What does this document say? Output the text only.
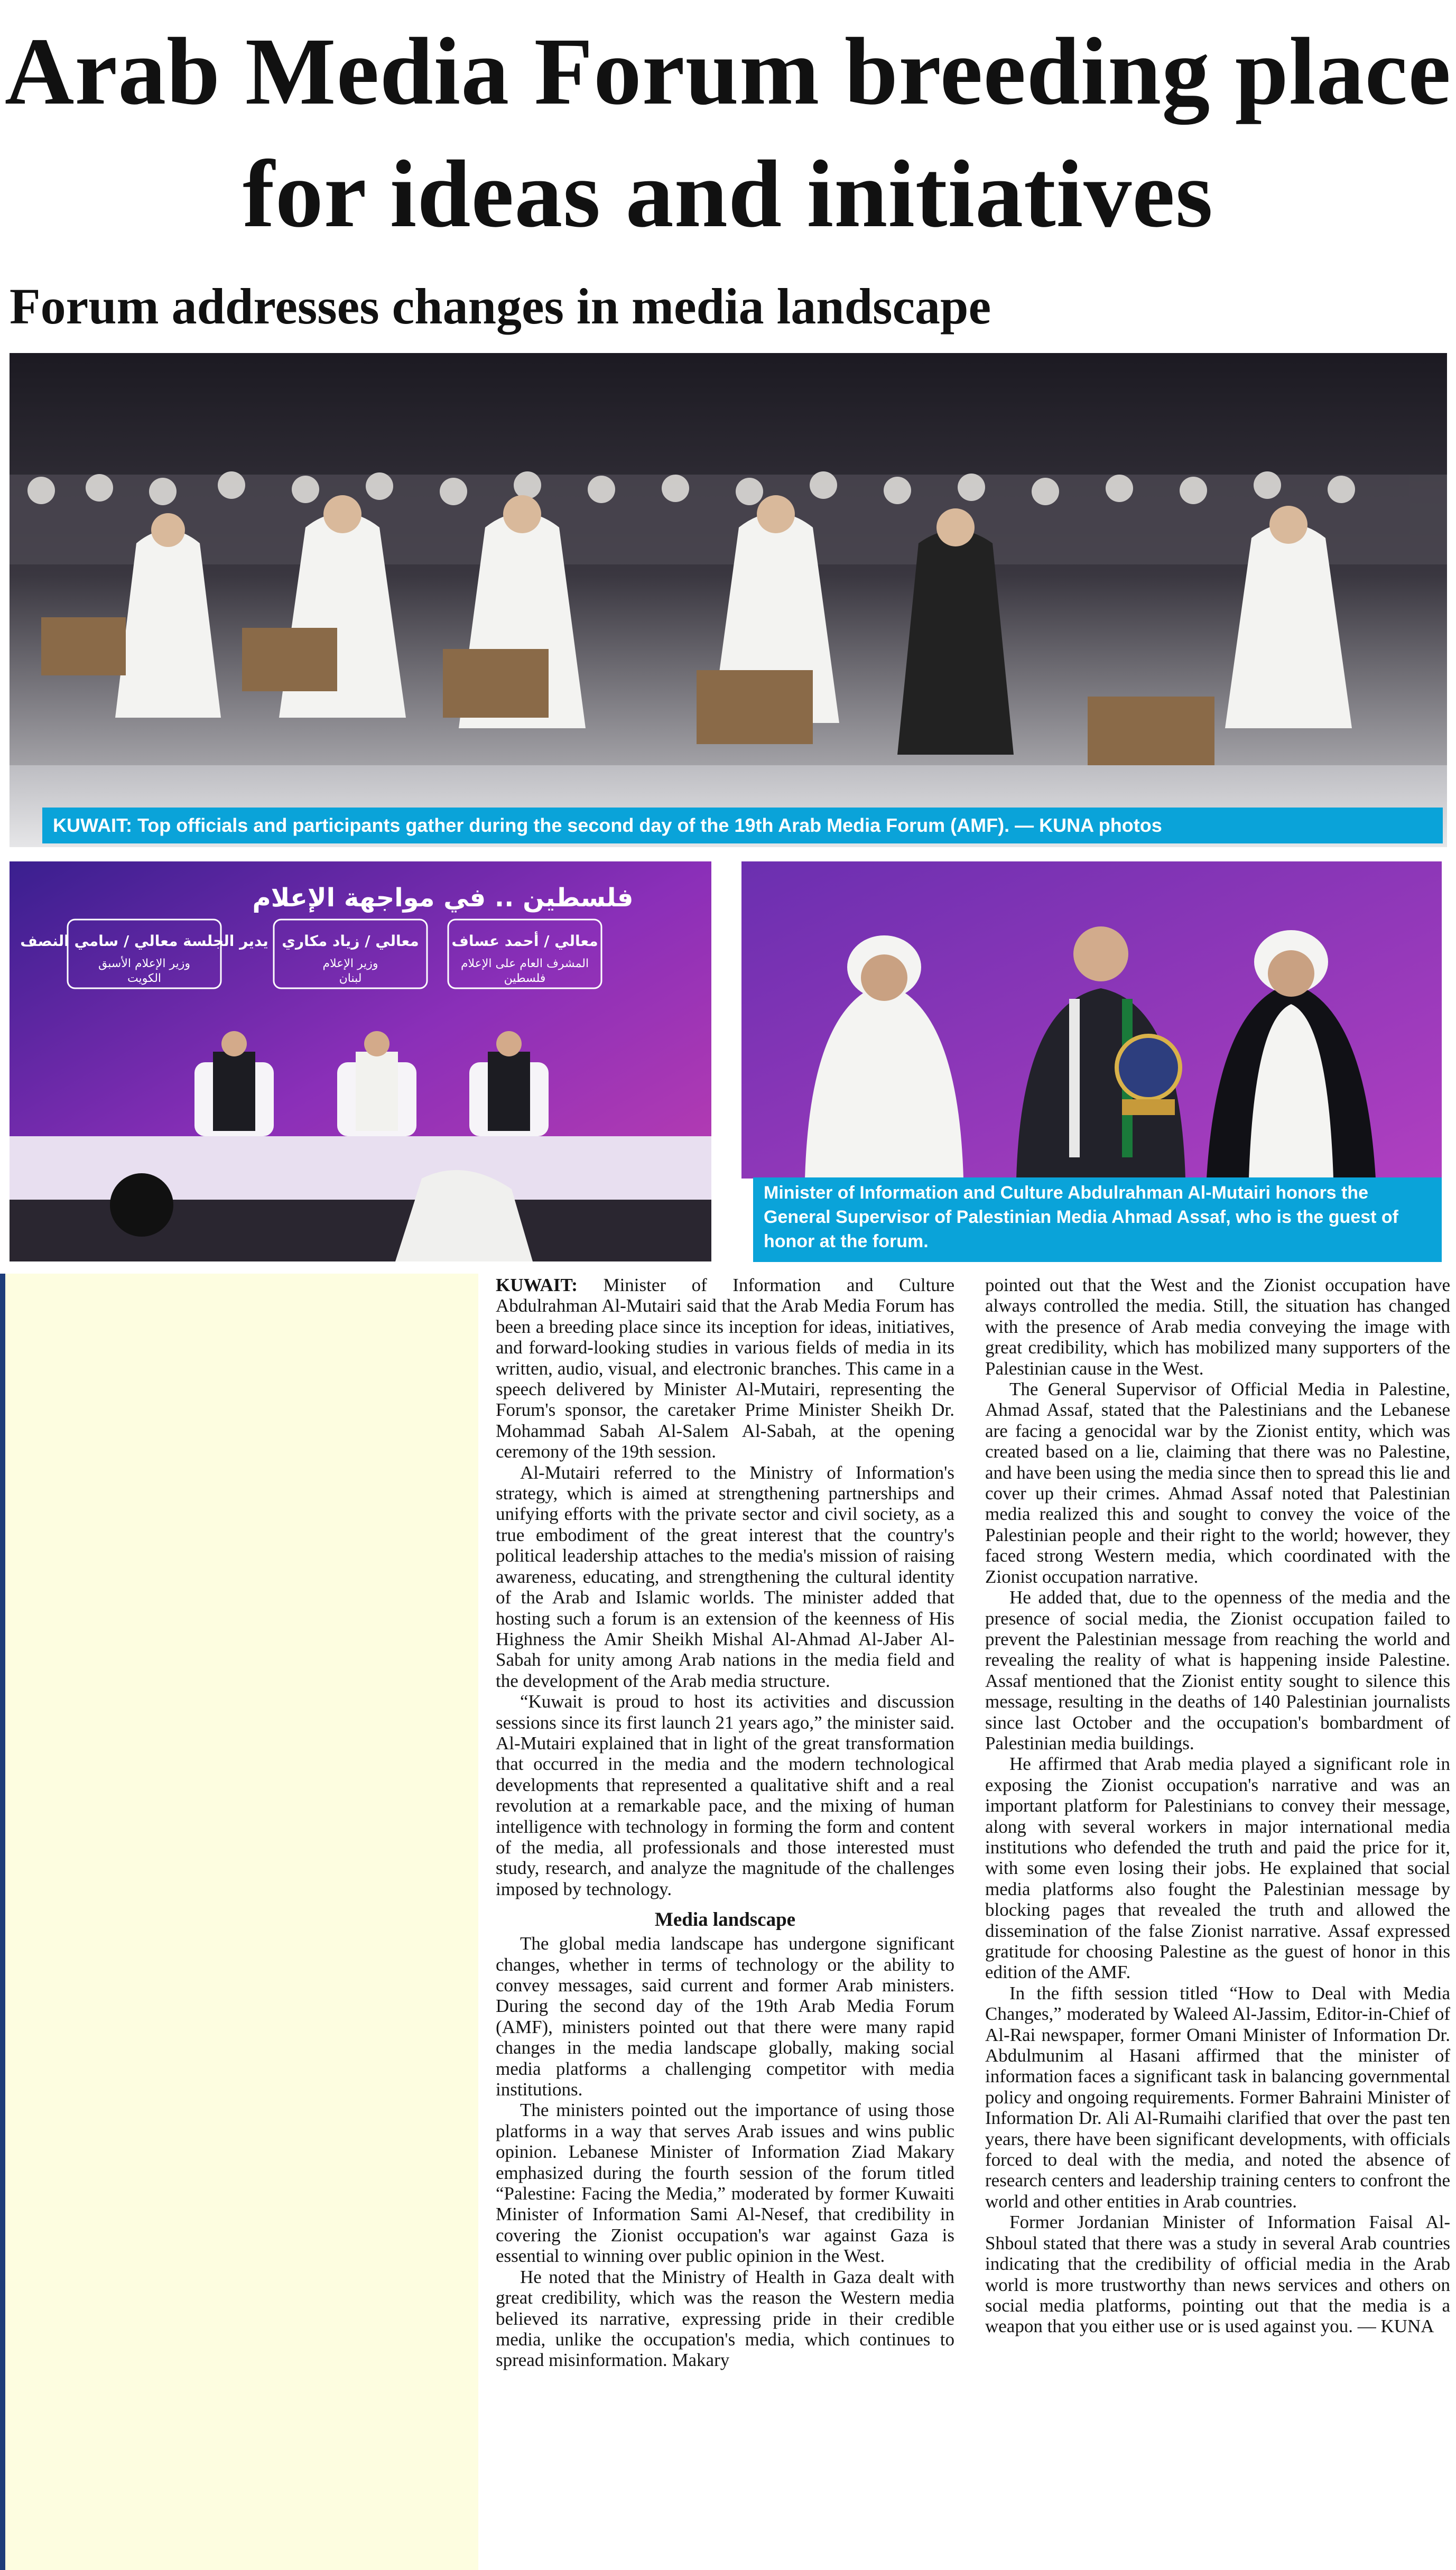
Arab Media Forum breeding place for ideas and initiatives
Forum addresses changes in media landscape
KUWAIT: Top officials and participants gather during the second day of the 19th Arab Media Forum (AMF). — KUNA photos
فلسطين .. في مواجهة الإعلام
يدير الجلسة معالي / سامي النصف
وزير الإعلام الأسبق
الكويت
معالي / زياد مكاري
وزير الإعلام
لبنان
معالي / أحمد عساف
المشرف العام على الإعلام
فلسطين
Minister of Information and Culture Abdulrahman Al-Mutairi honors the General Supervisor of Palestinian Media Ahmad Assaf, who is the guest of honor at the forum.

KUWAIT: Minister of Information and Culture Abdulrahman Al-Mutairi said that the Arab Media Forum has been a breeding place since its inception for ideas, initiatives, and forward-looking studies in various fields of media in its written, audio, visual, and electronic branches. This came in a speech delivered by Minister Al-Mutairi, representing the Forum's sponsor, the caretaker Prime Minister Sheikh Dr. Mohammad Sabah Al-Salem Al-Sabah, at the opening ceremony of the 19th session.

Al-Mutairi referred to the Ministry of Information's strategy, which is aimed at strengthening partnerships and unifying efforts with the private sector and civil society, as a true embodiment of the great interest that the country's political leadership attaches to the media's mission of raising awareness, educating, and strengthening the cultural identity of the Arab and Islamic worlds. The minister added that hosting such a forum is an extension of the keenness of His Highness the Amir Sheikh Mishal Al-Ahmad Al-Jaber Al-Sabah for unity among Arab nations in the media field and the development of the Arab media structure.

“Kuwait is proud to host its activities and discussion sessions since its first launch 21 years ago,” the minister said. Al-Mutairi explained that in light of the great transformation that occurred in the media and the modern technological developments that represented a qualitative shift and a real revolution at a remarkable pace, and the mixing of human intelligence with technology in forming the form and content of the media, all professionals and those interested must study, research, and analyze the magnitude of the challenges imposed by technology.

Media landscape

The global media landscape has undergone significant changes, whether in terms of technology or the ability to convey messages, said current and former Arab ministers. During the second day of the 19th Arab Media Forum (AMF), ministers pointed out that there were many rapid changes in the media landscape globally, making social media platforms a challenging competitor with media institutions.

The ministers pointed out the importance of using those platforms in a way that serves Arab issues and wins public opinion. Lebanese Minister of Information Ziad Makary emphasized during the fourth session of the forum titled “Palestine: Facing the Media,” moderated by former Kuwaiti Minister of Information Sami Al-Nesef, that credibility in covering the Zionist occupation's war against Gaza is essential to winning over public opinion in the West.

He noted that the Ministry of Health in Gaza dealt with great credibility, which was the reason the Western media believed its narrative, expressing pride in their credible media, unlike the occupation's media, which continues to spread misinformation. Makary

pointed out that the West and the Zionist occupation have always controlled the media. Still, the situation has changed with the presence of Arab media conveying the image with great credibility, which has mobilized many supporters of the Palestinian cause in the West.

The General Supervisor of Official Media in Palestine, Ahmad Assaf, stated that the Palestinians and the Lebanese are facing a genocidal war by the Zionist entity, which was created based on a lie, claiming that there was no Palestine, and have been using the media since then to spread this lie and cover up their crimes. Ahmad Assaf noted that Palestinian media realized this and sought to convey the voice of the Palestinian people and their right to the world; however, they faced strong Western media, which coordinated with the Zionist occupation narrative.

He added that, due to the openness of the media and the presence of social media, the Zionist occupation failed to prevent the Palestinian message from reaching the world and revealing the reality of what is happening inside Palestine. Assaf mentioned that the Zionist entity sought to silence this message, resulting in the deaths of 140 Palestinian journalists since last October and the occupation's bombardment of Palestinian media buildings.

He affirmed that Arab media played a significant role in exposing the Zionist occupation's narrative and was an important platform for Palestinians to convey their message, along with several workers in major international media institutions who defended the truth and paid the price for it, with some even losing their jobs. He explained that social media platforms also fought the Palestinian message by blocking pages that revealed the truth and allowed the dissemination of the false Zionist narrative. Assaf expressed gratitude for choosing Palestine as the guest of honor in this edition of the AMF.

In the fifth session titled “How to Deal with Media Changes,” moderated by Waleed Al-Jassim, Editor-in-Chief of Al-Rai newspaper, former Omani Minister of Information Dr. Abdulmunim al Hasani affirmed that the minister of information faces a significant task in balancing governmental policy and ongoing requirements. Former Bahraini Minister of Information Dr. Ali Al-Rumaihi clarified that over the past ten years, there have been significant developments, with officials forced to deal with the media, and noted the absence of research centers and leadership training centers to confront the world and other entities in Arab countries.

Former Jordanian Minister of Information Faisal Al-Shboul stated that there was a study in several Arab countries indicating that the credibility of official media in the Arab world is more trustworthy than news services and others on social media platforms, pointing out that the media is a weapon that you either use or is used against you. — KUNA
